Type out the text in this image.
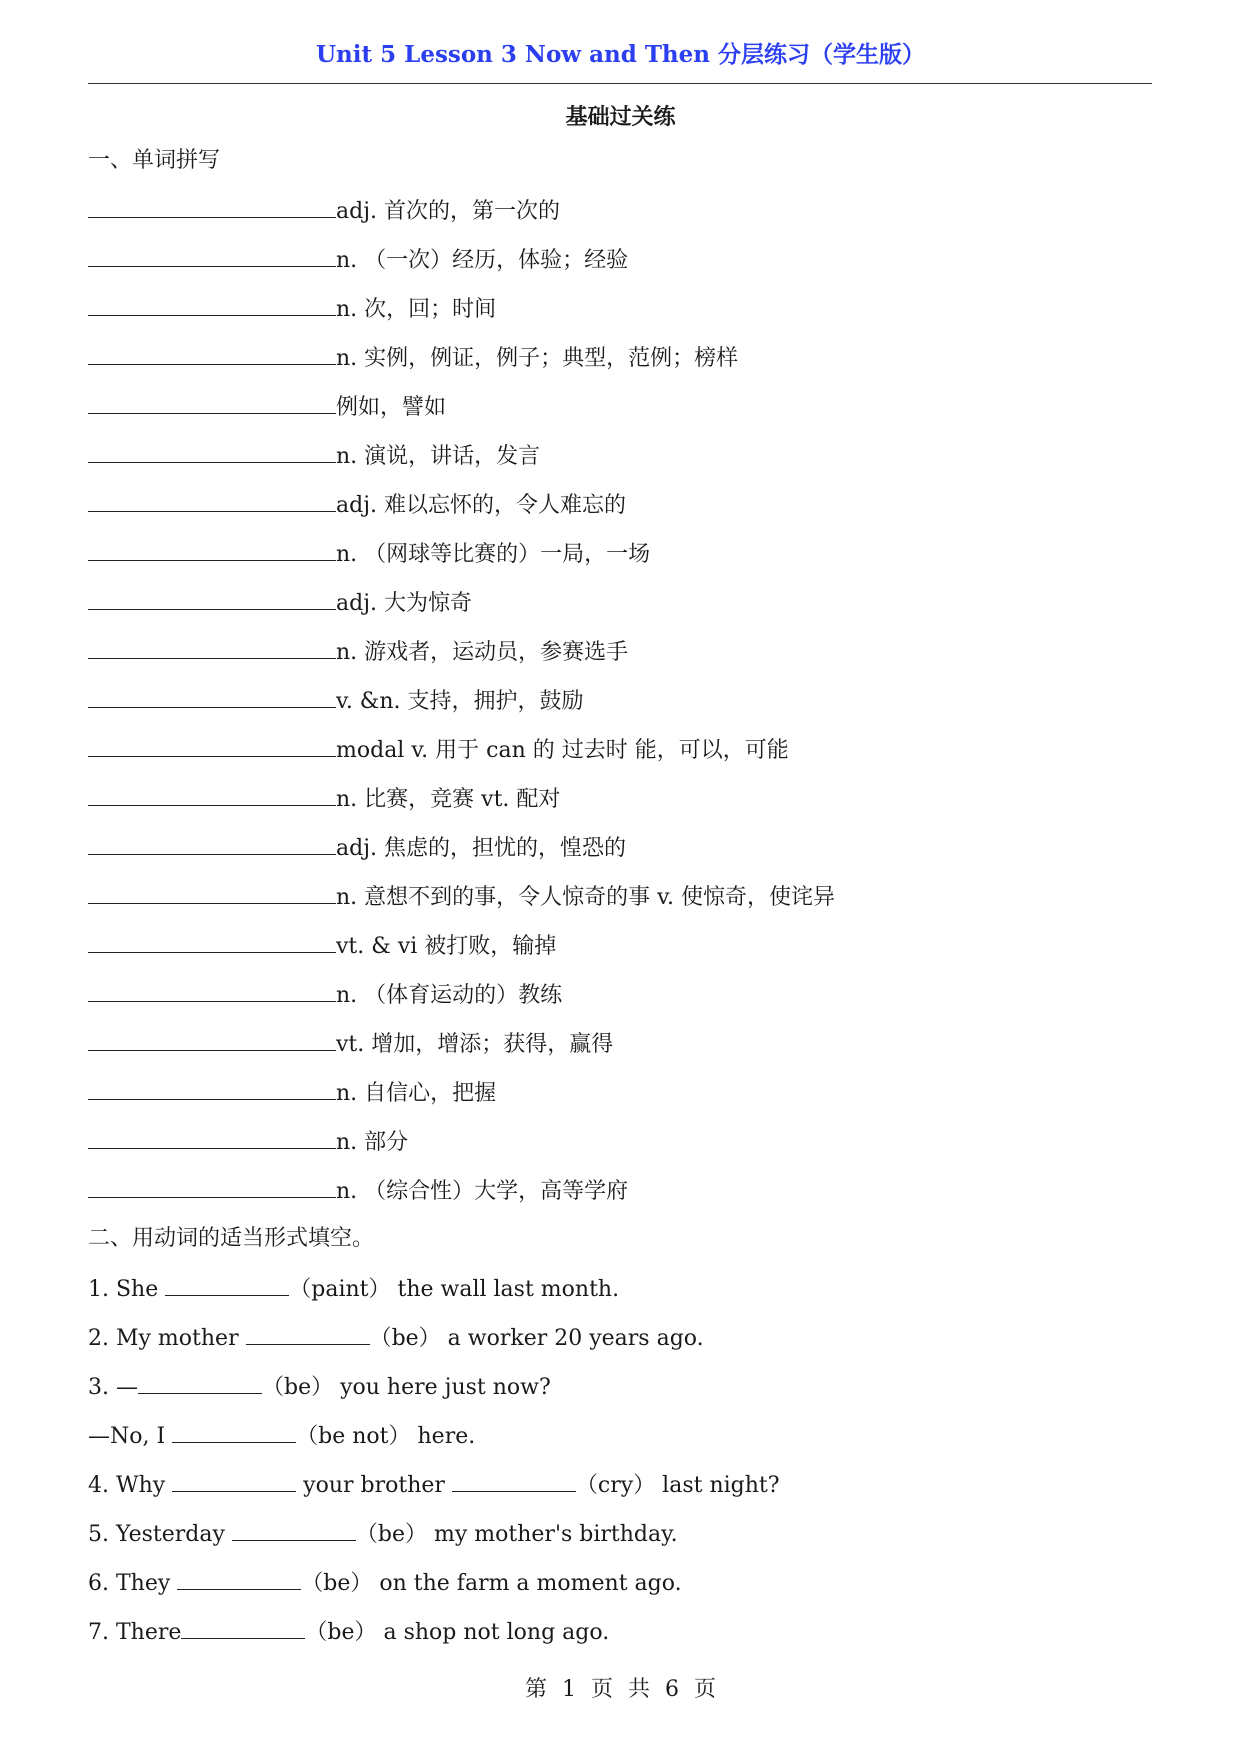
Unit 5 Lesson 3 Now and Then 分层练习（学生版）
基础过关练
一、单词拼写
adj. 首次的，第一次的
n. （一次）经历，体验；经验
n. 次，回；时间
n. 实例，例证，例子；典型，范例；榜样
例如，譬如
n. 演说，讲话，发言
adj. 难以忘怀的，令人难忘的
n. （网球等比赛的）一局，一场
adj. 大为惊奇
n. 游戏者，运动员，参赛选手
v. &n. 支持，拥护，鼓励
modal v. 用于 can 的 过去时 能，可以，可能
n. 比赛，竞赛 vt. 配对
adj. 焦虑的，担忧的，惶恐的
n. 意想不到的事，令人惊奇的事 v. 使惊奇，使诧异
vt. & vi 被打败，输掉
n. （体育运动的）教练
vt. 增加，增添；获得，赢得
n. 自信心，把握
n. 部分
n. （综合性）大学，高等学府
二、用动词的适当形式填空。
1. She	（paint） the wall last month.
2. My mother	（be） a worker 20 years ago.
3. —	（be） you here just now?
—No, I	（be not） here.
4. Why	your brother	（cry） last night?
5. Yesterday	（be） my mother's birthday.
6. They	（be） on the farm a moment ago.
7. There	（be） a shop not long ago.
第 1 页 共 6 页
